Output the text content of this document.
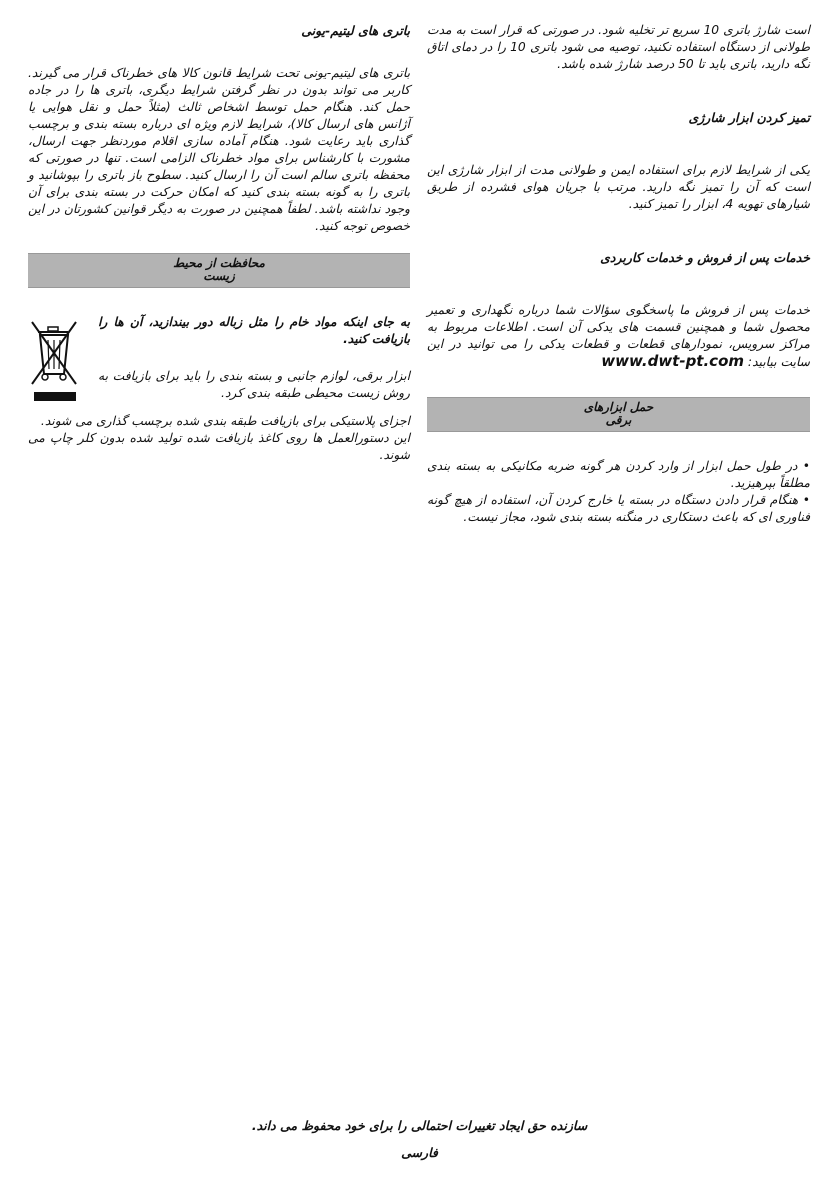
است شارژ باتری 10 سریع تر تخلیه شود. در صورتی که قرار است به مدت طولانی از دستگاه استفاده نکنید، توصیه می شود باتری 10 را در دمای اتاق نگه دارید، باتری باید تا 50 درصد شارژ شده باشد.

تمیز کردن ابزار شارژی

یکی از شرایط لازم برای استفاده ایمن و طولانی مدت از ابزار شارژی این است که آن را تمیز نگه دارید. مرتب با جریان هوای فشرده از طریق شیارهای تهویه 4، ابزار را تمیز کنید.

خدمات پس از فروش و خدمات کاربردی

خدمات پس از فروش ما پاسخگوی سؤالات شما درباره نگهداری و تعمیر محصول شما و همچنین قسمت های یدکی آن است. اطلاعات مربوط به مراکز سرویس، نمودارهای قطعات و قطعات یدکی را می توانید در این سایت بیابید: www.dwt-pt.com

حمل ابزارهای
برقی

• در طول حمل ابزار از وارد کردن هر گونه ضربه مکانیکی به بسته بندی مطلقاً بپرهیزید.

• هنگام قرار دادن دستگاه در بسته یا خارج کردن آن، استفاده از هیچ گونه فناوری ای که باعث دستکاری در منگنه بسته بندی شود، مجاز نیست.

باتری های لیتیم-یونی

باتری های لیتیم-یونی تحت شرایط قانون کالا های خطرناک قرار می گیرند. کاربر می تواند بدون در نظر گرفتن شرایط دیگری، باتری ها را در جاده حمل کند. هنگام حمل توسط اشخاص ثالث (مثلاً حمل و نقل هوایی یا آژانس های ارسال کالا)، شرایط لازم ویژه ای درباره بسته بندی و برچسب گذاری باید رعایت شود. هنگام آماده سازی اقلام موردنظر جهت ارسال، مشورت با کارشناس برای مواد خطرناک الزامی است. تنها در صورتی که محفظه باتری سالم است آن را ارسال کنید. سطوح باز باتری را بپوشانید و باتری را به گونه بسته بندی کنید که امکان حرکت در بسته بندی برای آن وجود نداشته باشد. لطفاً همچنین در صورت به دیگر قوانین کشورتان در این خصوص توجه کنید.

محافظت از محیط
زیست

به جای اینکه مواد خام را مثل زباله دور بیندازید، آن ها را بازیافت کنید.

ابزار برقی، لوازم جانبی و بسته بندی را باید برای بازیافت به روش زیست محیطی طبقه بندی کرد.

اجزای پلاستیکی برای بازیافت طبقه بندی شده برچسب گذاری می شوند.

این دستورالعمل ها روی کاغذ بازیافت شده تولید شده بدون کلر چاپ می شوند.

سازنده حق ایجاد تغییرات احتمالی را برای خود محفوظ می داند.
فارسی
